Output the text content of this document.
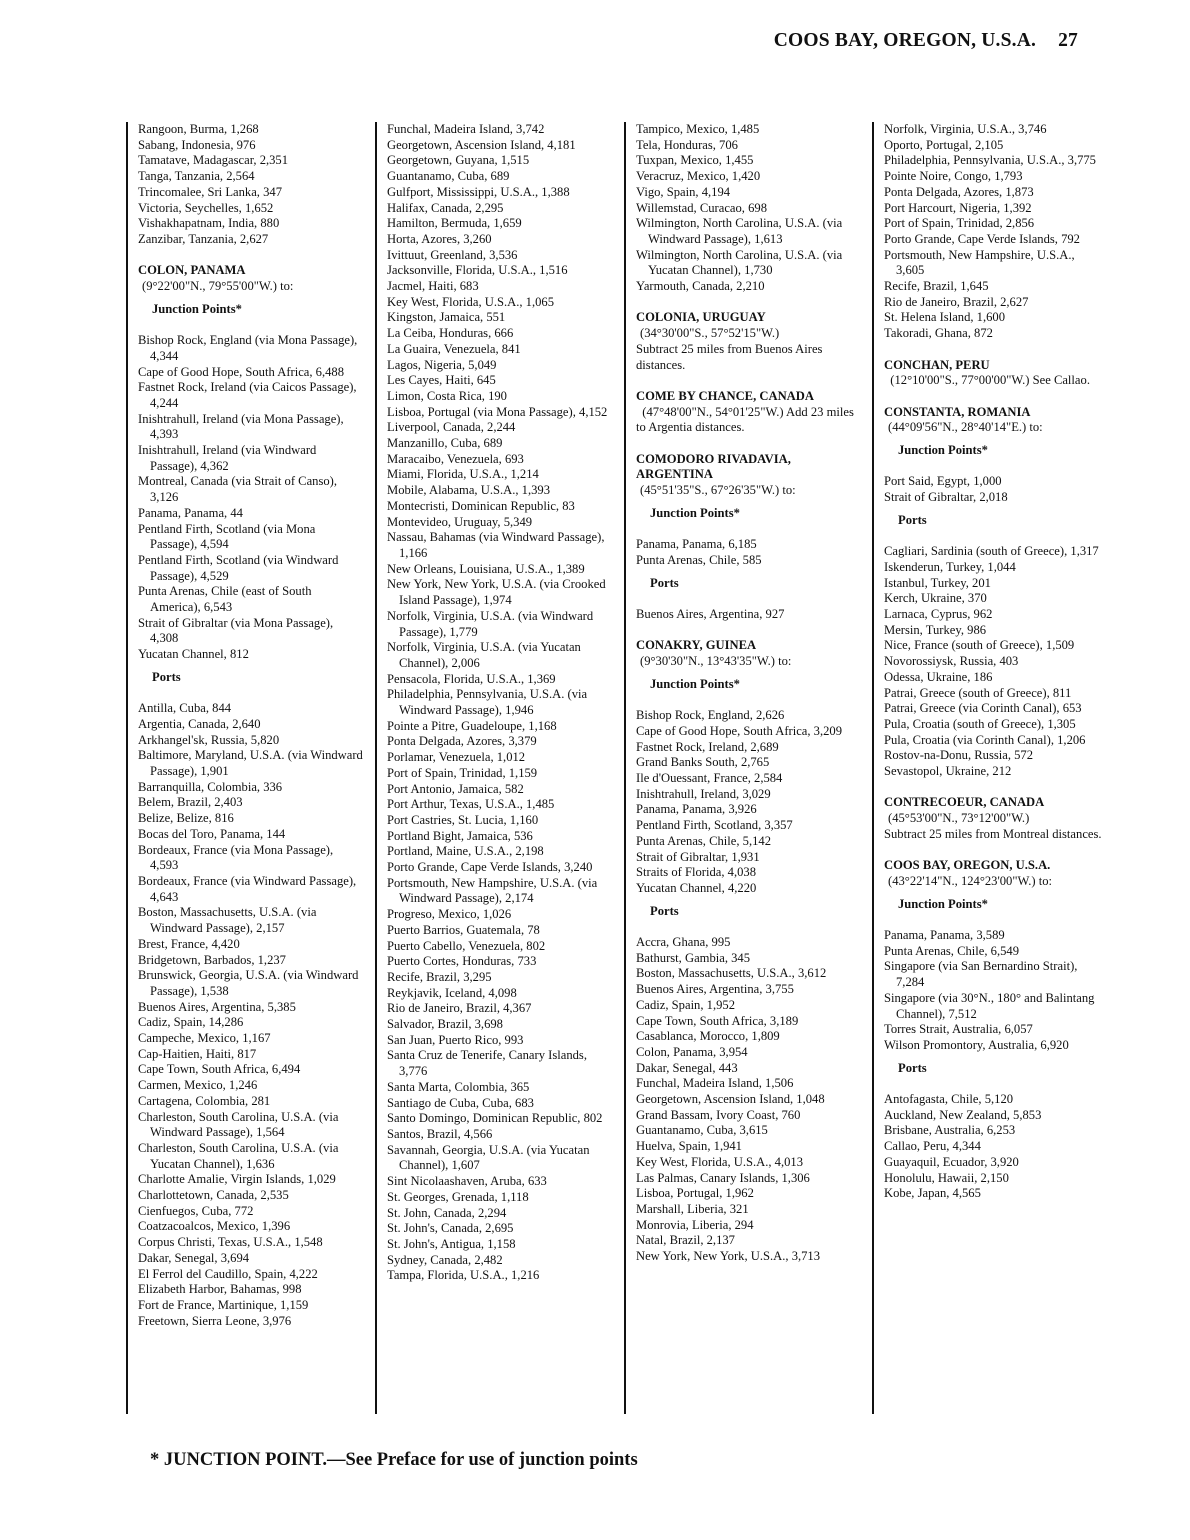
COOS BAY, OREGON, U.S.A. 27
Rangoon, Burma, 1,268
Sabang, Indonesia, 976
Tamatave, Madagascar, 2,351
Tanga, Tanzania, 2,564
Trincomalee, Sri Lanka, 347
Victoria, Seychelles, 1,652
Vishakhapatnam, India, 880
Zanzibar, Tanzania, 2,627
COLON, PANAMA
(9°22'00"N., 79°55'00"W.) to:
Junction Points*
Bishop Rock, England (via Mona Passage), 4,344
Cape of Good Hope, South Africa, 6,488
Fastnet Rock, Ireland (via Caicos Passage), 4,244
Inishtrahull, Ireland (via Mona Passage), 4,393
Inishtrahull, Ireland (via Windward Passage), 4,362
Montreal, Canada (via Strait of Canso), 3,126
Panama, Panama, 44
Pentland Firth, Scotland (via Mona Passage), 4,594
Pentland Firth, Scotland (via Windward Passage), 4,529
Punta Arenas, Chile (east of South America), 6,543
Strait of Gibraltar (via Mona Passage), 4,308
Yucatan Channel, 812
Ports
Antilla, Cuba, 844
Argentia, Canada, 2,640
Arkhangel'sk, Russia, 5,820
Baltimore, Maryland, U.S.A. (via Windward Passage), 1,901
Barranquilla, Colombia, 336
Belem, Brazil, 2,403
Belize, Belize, 816
Bocas del Toro, Panama, 144
Bordeaux, France (via Mona Passage), 4,593
Bordeaux, France (via Windward Passage), 4,643
Boston, Massachusetts, U.S.A. (via Windward Passage), 2,157
Brest, France, 4,420
Bridgetown, Barbados, 1,237
Brunswick, Georgia, U.S.A. (via Windward Passage), 1,538
Buenos Aires, Argentina, 5,385
Cadiz, Spain, 14,286
Campeche, Mexico, 1,167
Cap-Haitien, Haiti, 817
Cape Town, South Africa, 6,494
Carmen, Mexico, 1,246
Cartagena, Colombia, 281
Charleston, South Carolina, U.S.A. (via Windward Passage), 1,564
Charleston, South Carolina, U.S.A. (via Yucatan Channel), 1,636
Charlotte Amalie, Virgin Islands, 1,029
Charlottetown, Canada, 2,535
Cienfuegos, Cuba, 772
Coatzacoalcos, Mexico, 1,396
Corpus Christi, Texas, U.S.A., 1,548
Dakar, Senegal, 3,694
El Ferrol del Caudillo, Spain, 4,222
Elizabeth Harbor, Bahamas, 998
Fort de France, Martinique, 1,159
Freetown, Sierra Leone, 3,976
Funchal, Madeira Island, 3,742
Georgetown, Ascension Island, 4,181
Georgetown, Guyana, 1,515
Guantanamo, Cuba, 689
Gulfport, Mississippi, U.S.A., 1,388
Halifax, Canada, 2,295
Hamilton, Bermuda, 1,659
Horta, Azores, 3,260
Ivittuut, Greenland, 3,536
Jacksonville, Florida, U.S.A., 1,516
Jacmel, Haiti, 683
Key West, Florida, U.S.A., 1,065
Kingston, Jamaica, 551
La Ceiba, Honduras, 666
La Guaira, Venezuela, 841
Lagos, Nigeria, 5,049
Les Cayes, Haiti, 645
Limon, Costa Rica, 190
Lisboa, Portugal (via Mona Passage), 4,152
Liverpool, Canada, 2,244
Manzanillo, Cuba, 689
Maracaibo, Venezuela, 693
Miami, Florida, U.S.A., 1,214
Mobile, Alabama, U.S.A., 1,393
Montecristi, Dominican Republic, 83
Montevideo, Uruguay, 5,349
Nassau, Bahamas (via Windward Passage), 1,166
New Orleans, Louisiana, U.S.A., 1,389
New York, New York, U.S.A. (via Crooked Island Passage), 1,974
Norfolk, Virginia, U.S.A. (via Windward Passage), 1,779
Norfolk, Virginia, U.S.A. (via Yucatan Channel), 2,006
Pensacola, Florida, U.S.A., 1,369
Philadelphia, Pennsylvania, U.S.A. (via Windward Passage), 1,946
Pointe a Pitre, Guadeloupe, 1,168
Ponta Delgada, Azores, 3,379
Porlamar, Venezuela, 1,012
Port of Spain, Trinidad, 1,159
Port Antonio, Jamaica, 582
Port Arthur, Texas, U.S.A., 1,485
Port Castries, St. Lucia, 1,160
Portland Bight, Jamaica, 536
Portland, Maine, U.S.A., 2,198
Porto Grande, Cape Verde Islands, 3,240
Portsmouth, New Hampshire, U.S.A. (via Windward Passage), 2,174
Progreso, Mexico, 1,026
Puerto Barrios, Guatemala, 78
Puerto Cabello, Venezuela, 802
Puerto Cortes, Honduras, 733
Recife, Brazil, 3,295
Reykjavik, Iceland, 4,098
Rio de Janeiro, Brazil, 4,367
Salvador, Brazil, 3,698
San Juan, Puerto Rico, 993
Santa Cruz de Tenerife, Canary Islands, 3,776
Santa Marta, Colombia, 365
Santiago de Cuba, Cuba, 683
Santo Domingo, Dominican Republic, 802
Santos, Brazil, 4,566
Savannah, Georgia, U.S.A. (via Yucatan Channel), 1,607
Sint Nicolaashaven, Aruba, 633
St. Georges, Grenada, 1,118
St. John, Canada, 2,294
St. John's, Canada, 2,695
St. John's, Antigua, 1,158
Sydney, Canada, 2,482
Tampa, Florida, U.S.A., 1,216
Tampico, Mexico, 1,485
Tela, Honduras, 706
Tuxpan, Mexico, 1,455
Veracruz, Mexico, 1,420
Vigo, Spain, 4,194
Willemstad, Curacao, 698
Wilmington, North Carolina, U.S.A. (via Windward Passage), 1,613
Wilmington, North Carolina, U.S.A. (via Yucatan Channel), 1,730
Yarmouth, Canada, 2,210
COLONIA, URUGUAY
(34°30'00"S., 57°52'15"W.)
Subtract 25 miles from Buenos Aires distances.
COME BY CHANCE, CANADA
(47°48'00"N., 54°01'25"W.) Add 23 miles to Argentia distances.
COMODORO RIVADAVIA, ARGENTINA
(45°51'35"S., 67°26'35"W.) to:
Junction Points*
Panama, Panama, 6,185
Punta Arenas, Chile, 585
Ports
Buenos Aires, Argentina, 927
CONAKRY, GUINEA
(9°30'30"N., 13°43'35"W.) to:
Junction Points*
Bishop Rock, England, 2,626
Cape of Good Hope, South Africa, 3,209
Fastnet Rock, Ireland, 2,689
Grand Banks South, 2,765
Ile d'Ouessant, France, 2,584
Inishtrahull, Ireland, 3,029
Panama, Panama, 3,926
Pentland Firth, Scotland, 3,357
Punta Arenas, Chile, 5,142
Strait of Gibraltar, 1,931
Straits of Florida, 4,038
Yucatan Channel, 4,220
Ports
Accra, Ghana, 995
Bathurst, Gambia, 345
Boston, Massachusetts, U.S.A., 3,612
Buenos Aires, Argentina, 3,755
Cadiz, Spain, 1,952
Cape Town, South Africa, 3,189
Casablanca, Morocco, 1,809
Colon, Panama, 3,954
Dakar, Senegal, 443
Funchal, Madeira Island, 1,506
Georgetown, Ascension Island, 1,048
Grand Bassam, Ivory Coast, 760
Guantanamo, Cuba, 3,615
Huelva, Spain, 1,941
Key West, Florida, U.S.A., 4,013
Las Palmas, Canary Islands, 1,306
Lisboa, Portugal, 1,962
Marshall, Liberia, 321
Monrovia, Liberia, 294
Natal, Brazil, 2,137
New York, New York, U.S.A., 3,713
Norfolk, Virginia, U.S.A., 3,746
Oporto, Portugal, 2,105
Philadelphia, Pennsylvania, U.S.A., 3,775
Pointe Noire, Congo, 1,793
Ponta Delgada, Azores, 1,873
Port Harcourt, Nigeria, 1,392
Port of Spain, Trinidad, 2,856
Porto Grande, Cape Verde Islands, 792
Portsmouth, New Hampshire, U.S.A., 3,605
Recife, Brazil, 1,645
Rio de Janeiro, Brazil, 2,627
St. Helena Island, 1,600
Takoradi, Ghana, 872
CONCHAN, PERU
(12°10'00"S., 77°00'00"W.) See Callao.
CONSTANTA, ROMANIA
(44°09'56"N., 28°40'14"E.) to:
Junction Points*
Port Said, Egypt, 1,000
Strait of Gibraltar, 2,018
Ports
Cagliari, Sardinia (south of Greece), 1,317
Iskenderun, Turkey, 1,044
Istanbul, Turkey, 201
Kerch, Ukraine, 370
Larnaca, Cyprus, 962
Mersin, Turkey, 986
Nice, France (south of Greece), 1,509
Novorossiysk, Russia, 403
Odessa, Ukraine, 186
Patrai, Greece (south of Greece), 811
Patrai, Greece (via Corinth Canal), 653
Pula, Croatia (south of Greece), 1,305
Pula, Croatia (via Corinth Canal), 1,206
Rostov-na-Donu, Russia, 572
Sevastopol, Ukraine, 212
CONTRECOEUR, CANADA
(45°53'00"N., 73°12'00"W.)
Subtract 25 miles from Montreal distances.
COOS BAY, OREGON, U.S.A.
(43°22'14"N., 124°23'00"W.) to:
Junction Points*
Panama, Panama, 3,589
Punta Arenas, Chile, 6,549
Singapore (via San Bernardino Strait), 7,284
Singapore (via 30°N., 180° and Balintang Channel), 7,512
Torres Strait, Australia, 6,057
Wilson Promontory, Australia, 6,920
Ports
Antofagasta, Chile, 5,120
Auckland, New Zealand, 5,853
Brisbane, Australia, 6,253
Callao, Peru, 4,344
Guayaquil, Ecuador, 3,920
Honolulu, Hawaii, 2,150
Kobe, Japan, 4,565
* JUNCTION POINT.—See Preface for use of junction points
